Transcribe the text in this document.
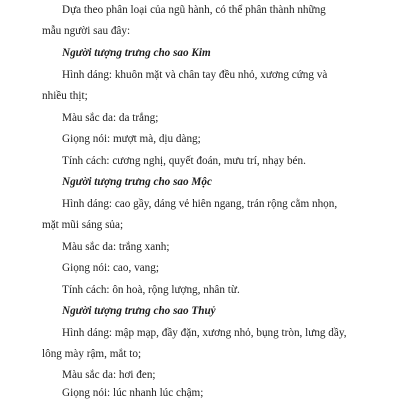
Dựa theo phân loại của ngũ hành, có thể phân thành những
mẫu người sau đây:
Người tượng trưng cho sao Kim
Hình dáng: khuôn mặt và chân tay đều nhỏ, xương cứng và
nhiều thịt;
Màu sắc da: da trắng;
Giọng nói: mượt mà, dịu dàng;
Tính cách: cương nghị, quyết đoán, mưu trí, nhạy bén.
Người tượng trưng cho sao Mộc
Hình dáng: cao gầy, dáng vẻ hiên ngang, trán rộng cằm nhọn,
mặt mũi sáng sủa;
Màu sắc da: trắng xanh;
Giọng nói: cao, vang;
Tính cách: ôn hoà, rộng lượng, nhân từ.
Người tượng trưng cho sao Thuỷ
Hình dáng: mập mạp, đầy đặn, xương nhỏ, bụng tròn, lưng dầy,
lông mày rậm, mắt to;
Màu sắc da: hơi đen;
Giọng nói: lúc nhanh lúc chậm;
